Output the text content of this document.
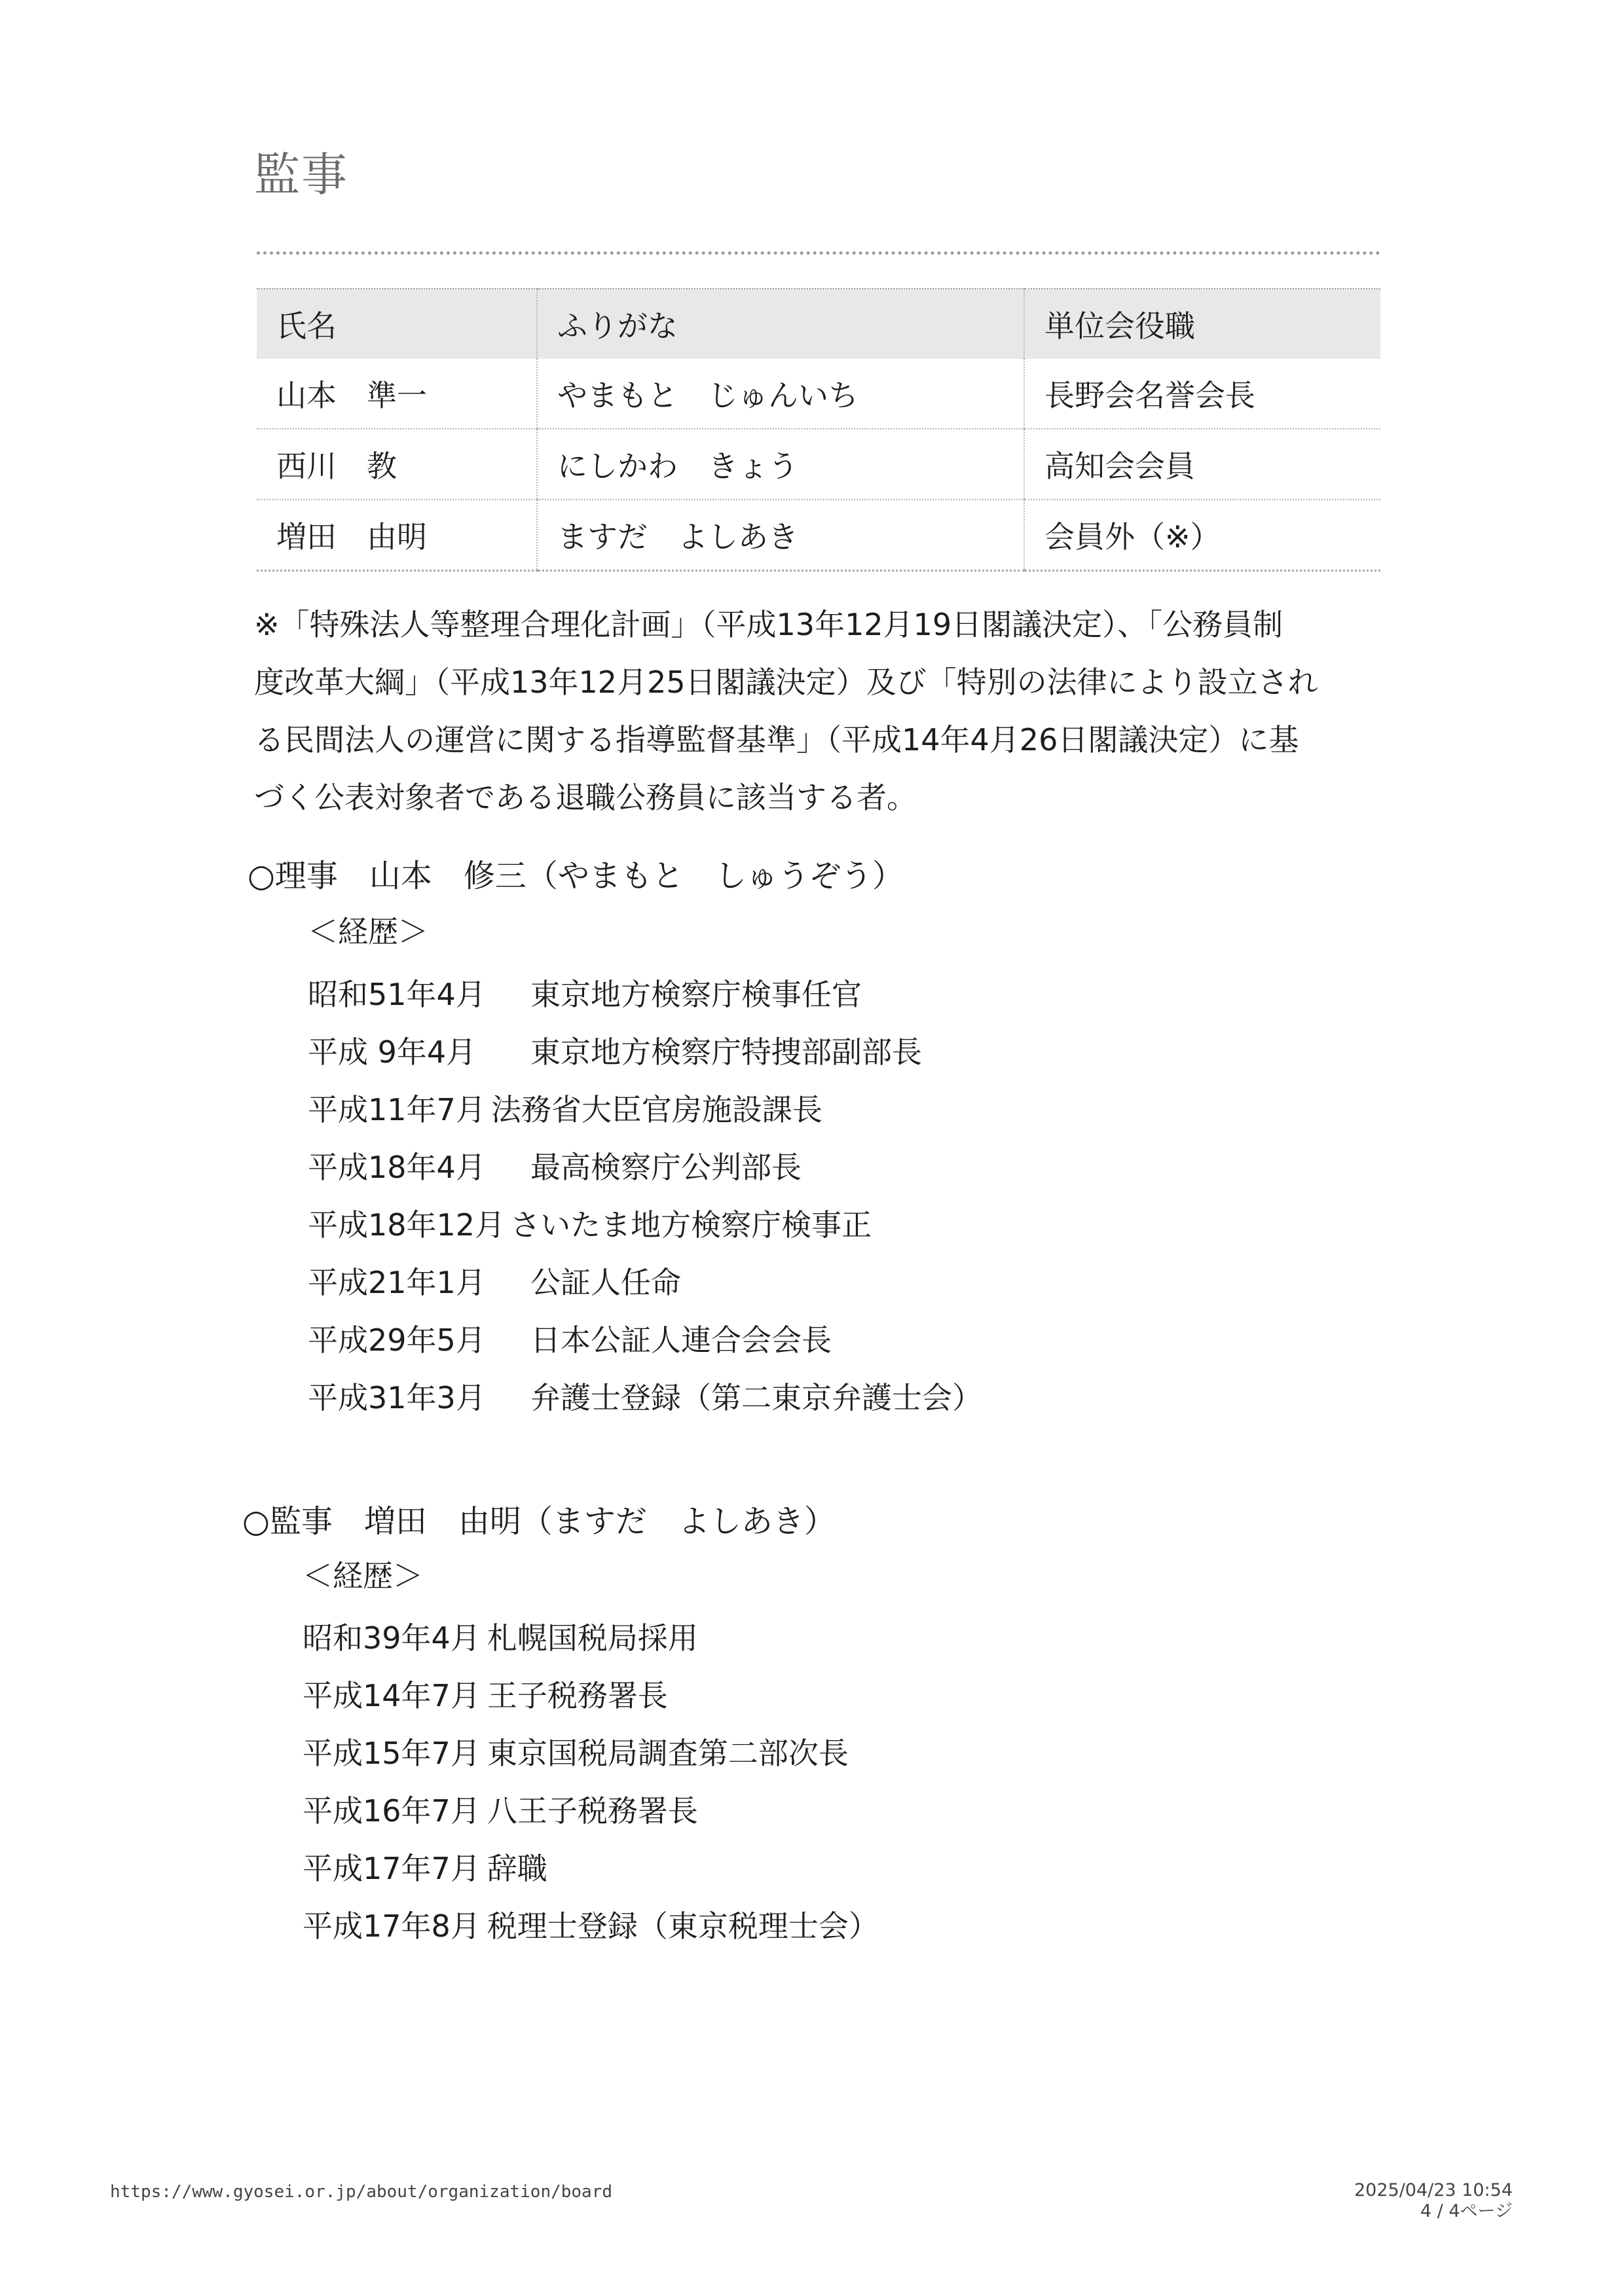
監事
氏名	ふりがな	単位会役職
山本　準一	やまもと　じゅんいち	長野会名誉会長
西川　教	にしかわ　きょう	高知会会員
増田　由明	ますだ　よしあき	会員外（※）
※「特殊法人等整理合理化計画」（平成13年12月19日閣議決定）、「公務員制
度改革大綱」（平成13年12月25日閣議決定）及び「特別の法律により設立され
る民間法人の運営に関する指導監督基準」（平成14年4月26日閣議決定）に基
づく公表対象者である退職公務員に該当する者。
○理事　山本　修三（やまもと　しゅうぞう）
＜経歴＞
昭和51年4月	東京地方検察庁検事任官
平成 9年4月	東京地方検察庁特捜部副部長
平成11年7月 法務省大臣官房施設課長
平成18年4月	最高検察庁公判部長
平成18年12月 さいたま地方検察庁検事正
平成21年1月	公証人任命
平成29年5月	日本公証人連合会会長
平成31年3月	弁護士登録（第二東京弁護士会）
○監事　増田　由明（ますだ　よしあき）
＜経歴＞
昭和39年4月 札幌国税局採用
平成14年7月 王子税務署長
平成15年7月 東京国税局調査第二部次長
平成16年7月 八王子税務署長
平成17年7月 辞職
平成17年8月 税理士登録（東京税理士会）
https://www.gyosei.or.jp/about/organization/board	2025/04/23 10:54
4 / 4ページ
